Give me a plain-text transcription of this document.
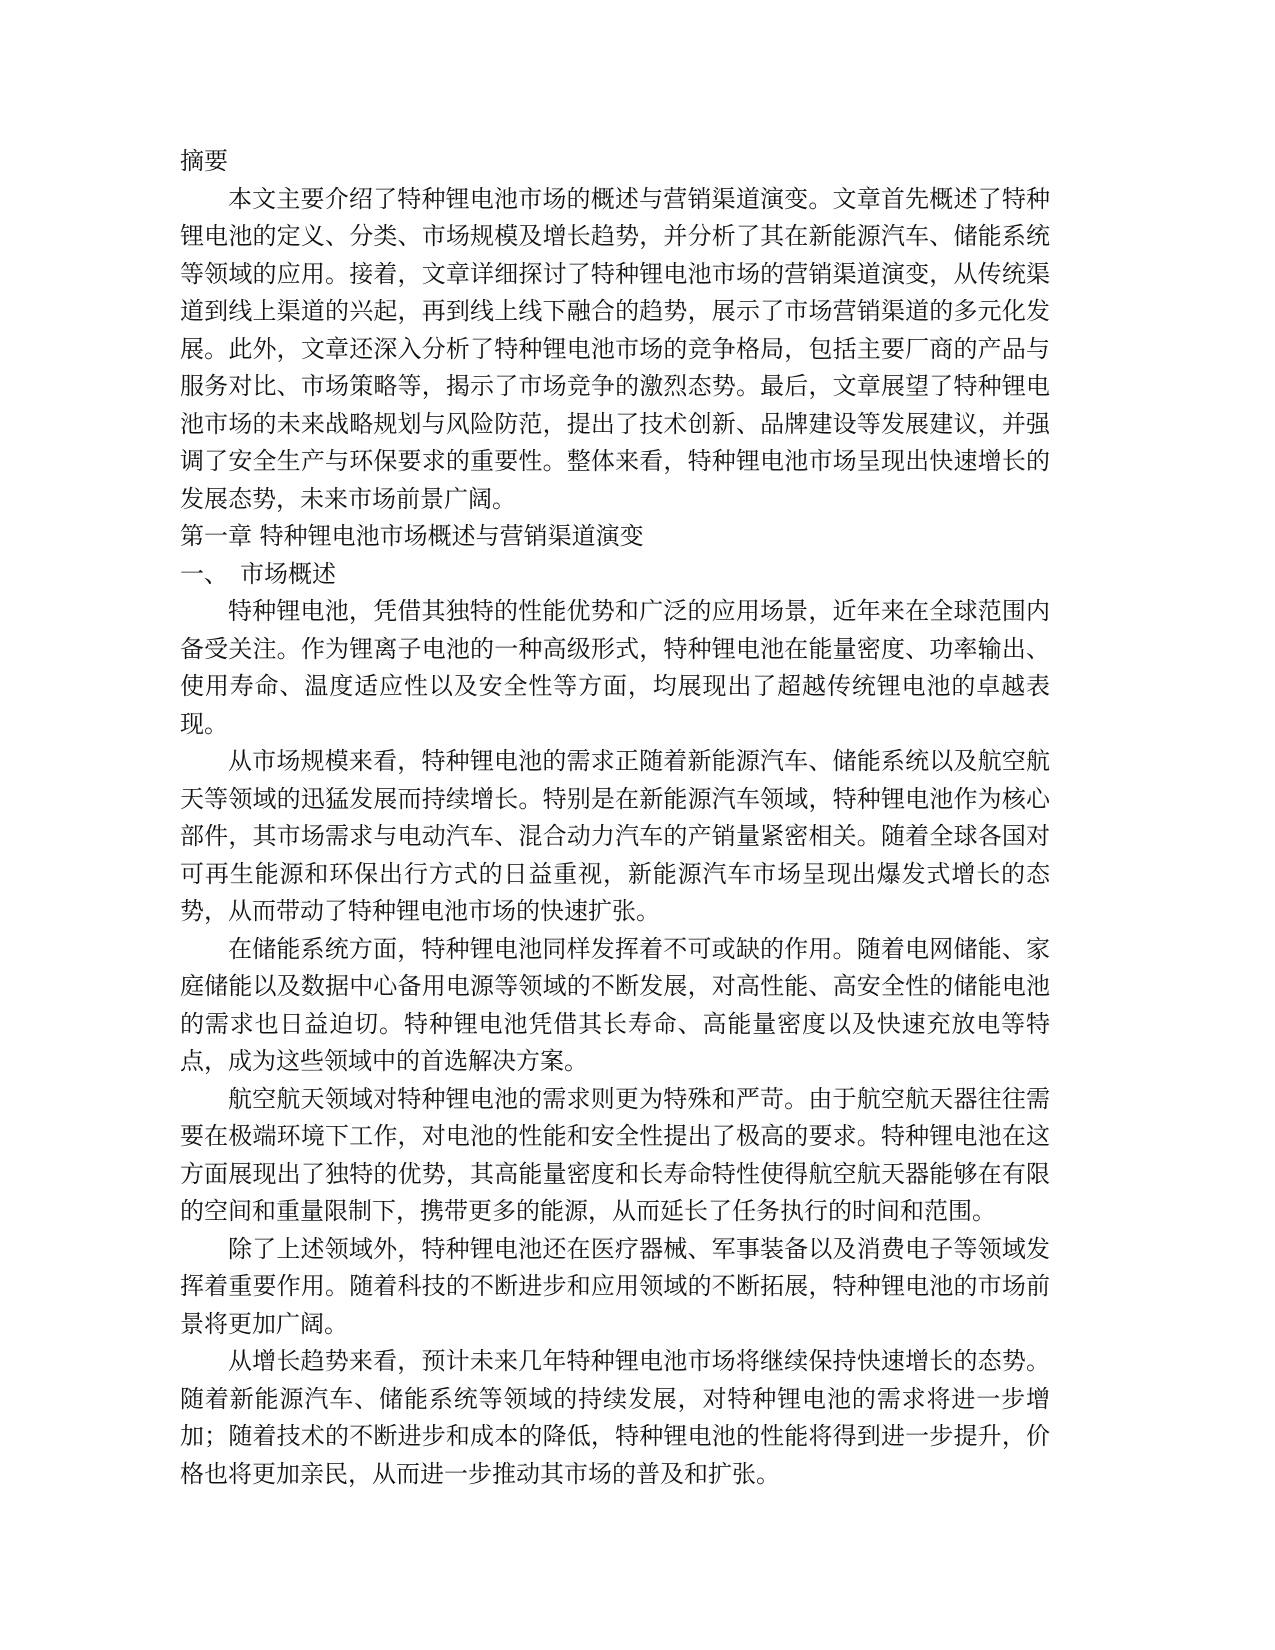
摘要

本文主要介绍了特种锂电池市场的概述与营销渠道演变。文章首先概述了特种锂电池的定义、分类、市场规模及增长趋势，并分析了其在新能源汽车、储能系统等领域的应用。接着，文章详细探讨了特种锂电池市场的营销渠道演变，从传统渠道到线上渠道的兴起，再到线上线下融合的趋势，展示了市场营销渠道的多元化发展。此外，文章还深入分析了特种锂电池市场的竞争格局，包括主要厂商的产品与服务对比、市场策略等，揭示了市场竞争的激烈态势。最后，文章展望了特种锂电池市场的未来战略规划与风险防范，提出了技术创新、品牌建设等发展建议，并强调了安全生产与环保要求的重要性。整体来看，特种锂电池市场呈现出快速增长的发展态势，未来市场前景广阔。

第一章 特种锂电池市场概述与营销渠道演变
一、 市场概述

特种锂电池，凭借其独特的性能优势和广泛的应用场景，近年来在全球范围内备受关注。作为锂离子电池的一种高级形式，特种锂电池在能量密度、功率输出、使用寿命、温度适应性以及安全性等方面，均展现出了超越传统锂电池的卓越表现。

从市场规模来看，特种锂电池的需求正随着新能源汽车、储能系统以及航空航天等领域的迅猛发展而持续增长。特别是在新能源汽车领域，特种锂电池作为核心部件，其市场需求与电动汽车、混合动力汽车的产销量紧密相关。随着全球各国对可再生能源和环保出行方式的日益重视，新能源汽车市场呈现出爆发式增长的态势，从而带动了特种锂电池市场的快速扩张。

在储能系统方面，特种锂电池同样发挥着不可或缺的作用。随着电网储能、家庭储能以及数据中心备用电源等领域的不断发展，对高性能、高安全性的储能电池的需求也日益迫切。特种锂电池凭借其长寿命、高能量密度以及快速充放电等特点，成为这些领域中的首选解决方案。

航空航天领域对特种锂电池的需求则更为特殊和严苛。由于航空航天器往往需要在极端环境下工作，对电池的性能和安全性提出了极高的要求。特种锂电池在这方面展现出了独特的优势，其高能量密度和长寿命特性使得航空航天器能够在有限的空间和重量限制下，携带更多的能源，从而延长了任务执行的时间和范围。

除了上述领域外，特种锂电池还在医疗器械、军事装备以及消费电子等领域发挥着重要作用。随着科技的不断进步和应用领域的不断拓展，特种锂电池的市场前景将更加广阔。

从增长趋势来看，预计未来几年特种锂电池市场将继续保持快速增长的态势。随着新能源汽车、储能系统等领域的持续发展，对特种锂电池的需求将进一步增加；随着技术的不断进步和成本的降低，特种锂电池的性能将得到进一步提升，价格也将更加亲民，从而进一步推动其市场的普及和扩张。
